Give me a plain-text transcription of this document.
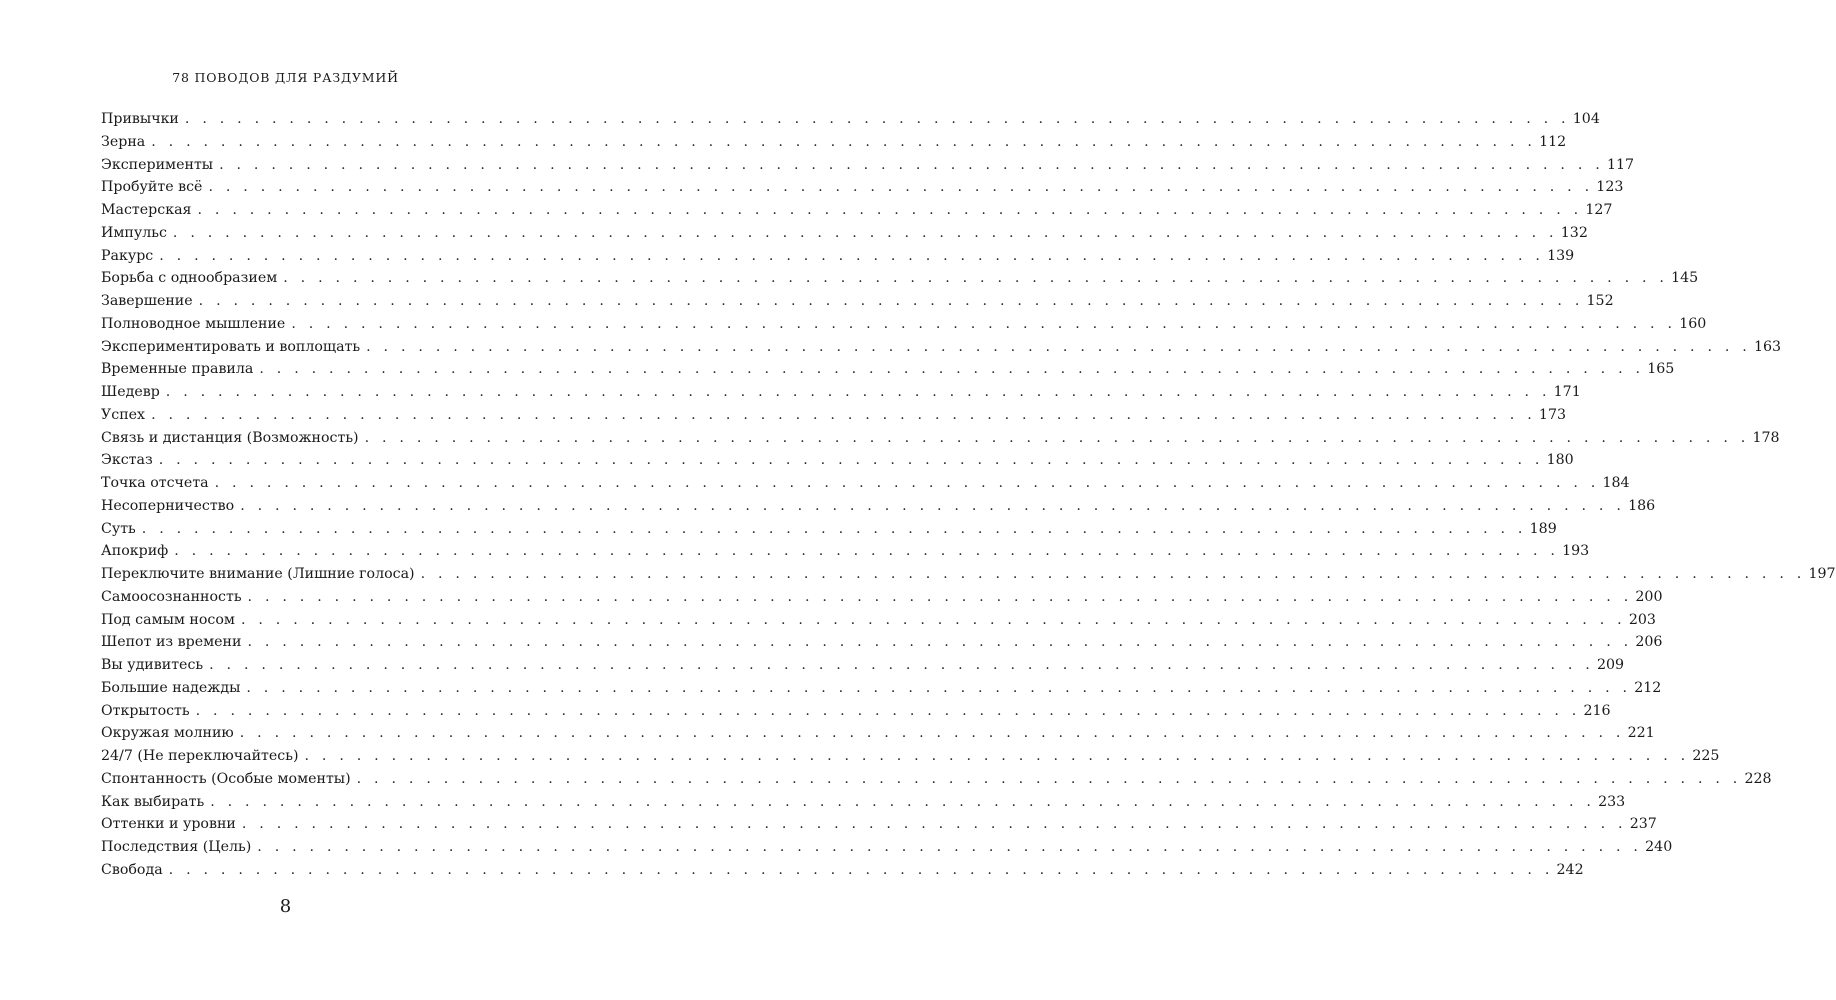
78 ПОВОДОВ ДЛЯ РАЗДУМИЙ
Привычки . . . . . . . . . . . . . . . . . . . . . . . . . . . . . . . . . . . . . . . . . . . . . . . . . . . . . . . . . . . . . . . . . . . . . . . . . . . . . . . . 104
Зерна . . . . . . . . . . . . . . . . . . . . . . . . . . . . . . . . . . . . . . . . . . . . . . . . . . . . . . . . . . . . . . . . . . . . . . . . . . . . . . . . 112
Эксперименты . . . . . . . . . . . . . . . . . . . . . . . . . . . . . . . . . . . . . . . . . . . . . . . . . . . . . . . . . . . . . . . . . . . . . . . . . . . . . . . . 117
Пробуйте всё . . . . . . . . . . . . . . . . . . . . . . . . . . . . . . . . . . . . . . . . . . . . . . . . . . . . . . . . . . . . . . . . . . . . . . . . . . . . . . . . 123
Мастерская . . . . . . . . . . . . . . . . . . . . . . . . . . . . . . . . . . . . . . . . . . . . . . . . . . . . . . . . . . . . . . . . . . . . . . . . . . . . . . . . 127
Импульс . . . . . . . . . . . . . . . . . . . . . . . . . . . . . . . . . . . . . . . . . . . . . . . . . . . . . . . . . . . . . . . . . . . . . . . . . . . . . . . . 132
Ракурс . . . . . . . . . . . . . . . . . . . . . . . . . . . . . . . . . . . . . . . . . . . . . . . . . . . . . . . . . . . . . . . . . . . . . . . . . . . . . . . . 139
Борьба с однообразием . . . . . . . . . . . . . . . . . . . . . . . . . . . . . . . . . . . . . . . . . . . . . . . . . . . . . . . . . . . . . . . . . . . . . . . . . . . . . . . . 145
Завершение . . . . . . . . . . . . . . . . . . . . . . . . . . . . . . . . . . . . . . . . . . . . . . . . . . . . . . . . . . . . . . . . . . . . . . . . . . . . . . . . 152
Полноводное мышление . . . . . . . . . . . . . . . . . . . . . . . . . . . . . . . . . . . . . . . . . . . . . . . . . . . . . . . . . . . . . . . . . . . . . . . . . . . . . . . . 160
Экспериментировать и воплощать . . . . . . . . . . . . . . . . . . . . . . . . . . . . . . . . . . . . . . . . . . . . . . . . . . . . . . . . . . . . . . . . . . . . . . . . . . . . . . . . 163
Временные правила . . . . . . . . . . . . . . . . . . . . . . . . . . . . . . . . . . . . . . . . . . . . . . . . . . . . . . . . . . . . . . . . . . . . . . . . . . . . . . . . 165
Шедевр . . . . . . . . . . . . . . . . . . . . . . . . . . . . . . . . . . . . . . . . . . . . . . . . . . . . . . . . . . . . . . . . . . . . . . . . . . . . . . . . 171
Успех . . . . . . . . . . . . . . . . . . . . . . . . . . . . . . . . . . . . . . . . . . . . . . . . . . . . . . . . . . . . . . . . . . . . . . . . . . . . . . . . 173
Связь и дистанция (Возможность) . . . . . . . . . . . . . . . . . . . . . . . . . . . . . . . . . . . . . . . . . . . . . . . . . . . . . . . . . . . . . . . . . . . . . . . . . . . . . . . . 178
Экстаз . . . . . . . . . . . . . . . . . . . . . . . . . . . . . . . . . . . . . . . . . . . . . . . . . . . . . . . . . . . . . . . . . . . . . . . . . . . . . . . . 180
Точка отсчета . . . . . . . . . . . . . . . . . . . . . . . . . . . . . . . . . . . . . . . . . . . . . . . . . . . . . . . . . . . . . . . . . . . . . . . . . . . . . . . . 184
Несоперничество . . . . . . . . . . . . . . . . . . . . . . . . . . . . . . . . . . . . . . . . . . . . . . . . . . . . . . . . . . . . . . . . . . . . . . . . . . . . . . . . 186
Суть . . . . . . . . . . . . . . . . . . . . . . . . . . . . . . . . . . . . . . . . . . . . . . . . . . . . . . . . . . . . . . . . . . . . . . . . . . . . . . . . 189
Апокриф . . . . . . . . . . . . . . . . . . . . . . . . . . . . . . . . . . . . . . . . . . . . . . . . . . . . . . . . . . . . . . . . . . . . . . . . . . . . . . . . 193
Переключите внимание (Лишние голоса) . . . . . . . . . . . . . . . . . . . . . . . . . . . . . . . . . . . . . . . . . . . . . . . . . . . . . . . . . . . . . . . . . . . . . . . . . . . . . . . . 197
Самоосознанность . . . . . . . . . . . . . . . . . . . . . . . . . . . . . . . . . . . . . . . . . . . . . . . . . . . . . . . . . . . . . . . . . . . . . . . . . . . . . . . . 200
Под самым носом . . . . . . . . . . . . . . . . . . . . . . . . . . . . . . . . . . . . . . . . . . . . . . . . . . . . . . . . . . . . . . . . . . . . . . . . . . . . . . . . 203
Шепот из времени . . . . . . . . . . . . . . . . . . . . . . . . . . . . . . . . . . . . . . . . . . . . . . . . . . . . . . . . . . . . . . . . . . . . . . . . . . . . . . . . 206
Вы удивитесь . . . . . . . . . . . . . . . . . . . . . . . . . . . . . . . . . . . . . . . . . . . . . . . . . . . . . . . . . . . . . . . . . . . . . . . . . . . . . . . . 209
Большие надежды . . . . . . . . . . . . . . . . . . . . . . . . . . . . . . . . . . . . . . . . . . . . . . . . . . . . . . . . . . . . . . . . . . . . . . . . . . . . . . . . 212
Открытость . . . . . . . . . . . . . . . . . . . . . . . . . . . . . . . . . . . . . . . . . . . . . . . . . . . . . . . . . . . . . . . . . . . . . . . . . . . . . . . . 216
Окружая молнию . . . . . . . . . . . . . . . . . . . . . . . . . . . . . . . . . . . . . . . . . . . . . . . . . . . . . . . . . . . . . . . . . . . . . . . . . . . . . . . . 221
24/7 (Не переключайтесь) . . . . . . . . . . . . . . . . . . . . . . . . . . . . . . . . . . . . . . . . . . . . . . . . . . . . . . . . . . . . . . . . . . . . . . . . . . . . . . . . 225
Спонтанность (Особые моменты) . . . . . . . . . . . . . . . . . . . . . . . . . . . . . . . . . . . . . . . . . . . . . . . . . . . . . . . . . . . . . . . . . . . . . . . . . . . . . . . . 228
Как выбирать . . . . . . . . . . . . . . . . . . . . . . . . . . . . . . . . . . . . . . . . . . . . . . . . . . . . . . . . . . . . . . . . . . . . . . . . . . . . . . . . 233
Оттенки и уровни . . . . . . . . . . . . . . . . . . . . . . . . . . . . . . . . . . . . . . . . . . . . . . . . . . . . . . . . . . . . . . . . . . . . . . . . . . . . . . . . 237
Последствия (Цель) . . . . . . . . . . . . . . . . . . . . . . . . . . . . . . . . . . . . . . . . . . . . . . . . . . . . . . . . . . . . . . . . . . . . . . . . . . . . . . . . 240
Свобода . . . . . . . . . . . . . . . . . . . . . . . . . . . . . . . . . . . . . . . . . . . . . . . . . . . . . . . . . . . . . . . . . . . . . . . . . . . . . . . . 242
8
